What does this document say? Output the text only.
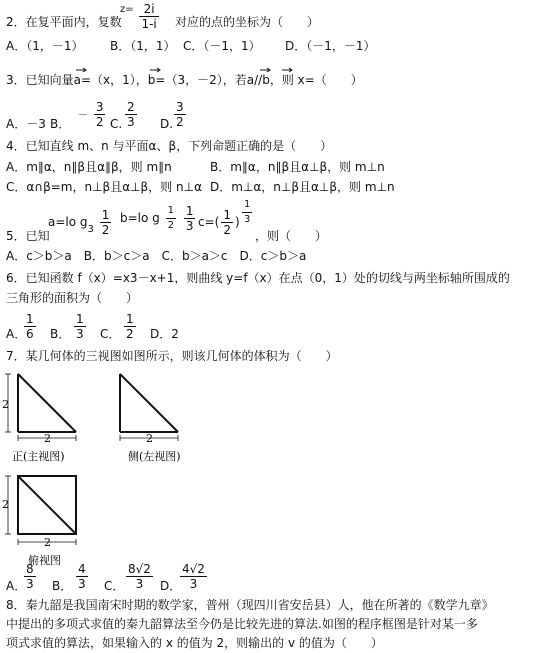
2．在复平面内，复数
$^{z=} \frac{2i}{1-i}$ 对应的点的坐标为（　　）
A．（1，－1） B．（1，1） C．（－1，1） D．（－1，－1）
3．已知向量a=（x，1），b=（3，－2），若a//b，则 x=（　　）
－ $\frac{3}{2} \frac{2}{3}$	$\frac{3}{2}$
A．－3 B．	C.	D.
4．已知直线 m、n 与平面α、β，下列命题正确的是（　　）
A．m∥α，n∥β且α∥β，则 m∥n	B．m∥α，n∥β且α⊥β，则 m⊥n
C．α∩β=m，n⊥β且α⊥β，则 n⊥α D．m⊥α，n⊥β且α⊥β，则 m⊥n
5．已知
a=lo $g_3 \frac{1}{2} b=lo$ g $\frac{1}{2}$
$\frac{1}{3} c=( \frac{1}{2}$ ) $\frac{1}{3}$
，则（　　）
A．c＞b＞a　B．b＞c＞a　C．b＞a＞c　D．c＞b＞a
6．已知函数 f（x）=x3－x+1，则曲线 y=f（x）在点（0，1）处的切线与两坐标轴所围成的
三角形的面积为（　　）
A．
$\frac{1}{6}$ B． $\frac{1}{3}$ C． $\frac{1}{2}$ D．2
7．某几何体的三视图如图所示，则该几何体的体积为（　　）
2
2
正(主视图)
2
侧(左视图)
2
2
俯视图
A．
$\frac{8}{3}$ B． $\frac{4}{3}$ C． $\frac{8√2}{3}$ D．
$\frac{4√2}{3}$
8．秦九韶是我国南宋时期的数学家，普州（现四川省安岳县）人，他在所著的《数学九章》
中提出的多项式求值的秦九韶算法至今仍是比较先进的算法.如图的程序框图是针对某一多
项式求值的算法，如果输入的 x 的值为 2，则输出的 v 的值为（　　）
